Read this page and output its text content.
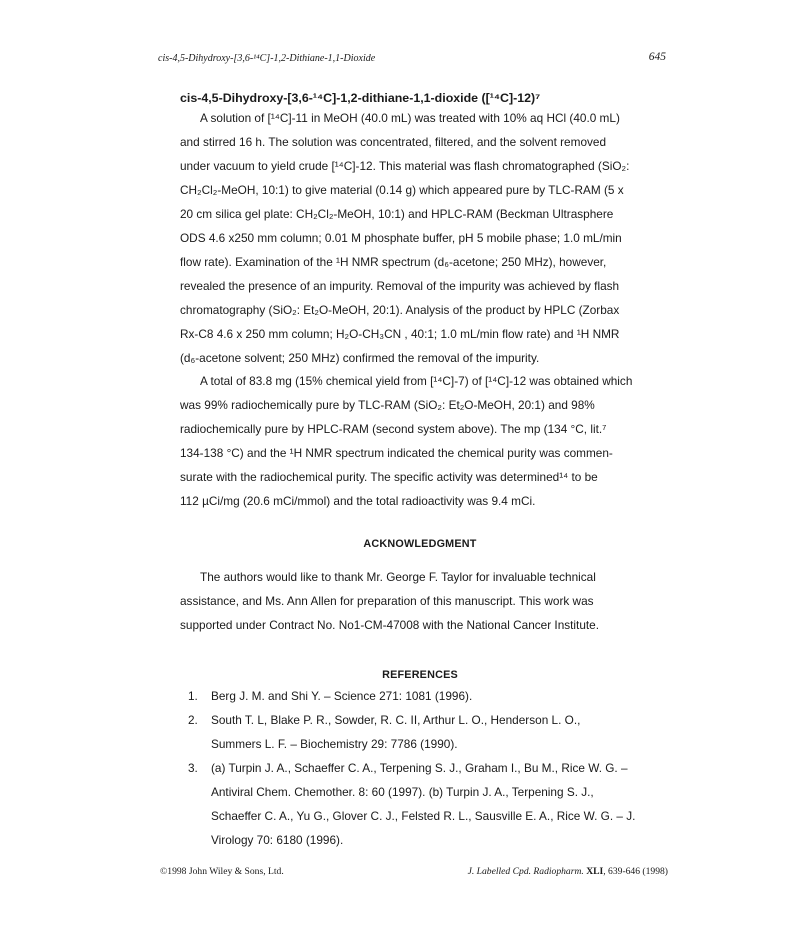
cis-4,5-Dihydroxy-[3,6-¹⁴C]-1,2-Dithiane-1,1-Dioxide	645
cis-4,5-Dihydroxy-[3,6-¹⁴C]-1,2-dithiane-1,1-dioxide ([¹⁴C]-12)⁷
A solution of [¹⁴C]-11 in MeOH (40.0 mL) was treated with 10% aq HCl (40.0 mL)
and stirred 16 h. The solution was concentrated, filtered, and the solvent removed
under vacuum to yield crude [¹⁴C]-12. This material was flash chromatographed (SiO₂:
CH₂Cl₂-MeOH, 10:1) to give material (0.14 g) which appeared pure by TLC-RAM (5 x
20 cm silica gel plate: CH₂Cl₂-MeOH, 10:1) and HPLC-RAM (Beckman Ultrasphere
ODS 4.6 x250 mm column; 0.01 M phosphate buffer, pH 5 mobile phase; 1.0 mL/min
flow rate). Examination of the ¹H NMR spectrum (d₆-acetone; 250 MHz), however,
revealed the presence of an impurity. Removal of the impurity was achieved by flash
chromatography (SiO₂: Et₂O-MeOH, 20:1). Analysis of the product by HPLC (Zorbax
Rx-C8 4.6 x 250 mm column; H₂O-CH₃CN , 40:1; 1.0 mL/min flow rate) and ¹H NMR
(d₆-acetone solvent; 250 MHz) confirmed the removal of the impurity.
A total of 83.8 mg (15% chemical yield from [¹⁴C]-7) of [¹⁴C]-12 was obtained which
was 99% radiochemically pure by TLC-RAM (SiO₂: Et₂O-MeOH, 20:1) and 98%
radiochemically pure by HPLC-RAM (second system above). The mp (134 °C, lit.⁷
134-138 °C) and the ¹H NMR spectrum indicated the chemical purity was commen-
surate with the radiochemical purity. The specific activity was determined¹⁴ to be
112 µCi/mg (20.6 mCi/mmol) and the total radioactivity was 9.4 mCi.
ACKNOWLEDGMENT
The authors would like to thank Mr. George F. Taylor for invaluable technical
assistance, and Ms. Ann Allen for preparation of this manuscript. This work was
supported under Contract No. No1-CM-47008 with the National Cancer Institute.
REFERENCES
1. Berg J. M. and Shi Y. – Science 271: 1081 (1996).
2. South T. L, Blake P. R., Sowder, R. C. II, Arthur L. O., Henderson L. O.,
Summers L. F. – Biochemistry 29: 7786 (1990).
3. (a) Turpin J. A., Schaeffer C. A., Terpening S. J., Graham I., Bu M., Rice W. G. –
Antiviral Chem. Chemother. 8: 60 (1997). (b) Turpin J. A., Terpening S. J.,
Schaeffer C. A., Yu G., Glover C. J., Felsted R. L., Sausville E. A., Rice W. G. – J.
Virology 70: 6180 (1996).
©1998 John Wiley & Sons, Ltd.	J. Labelled Cpd. Radiopharm. XLI, 639-646 (1998)
